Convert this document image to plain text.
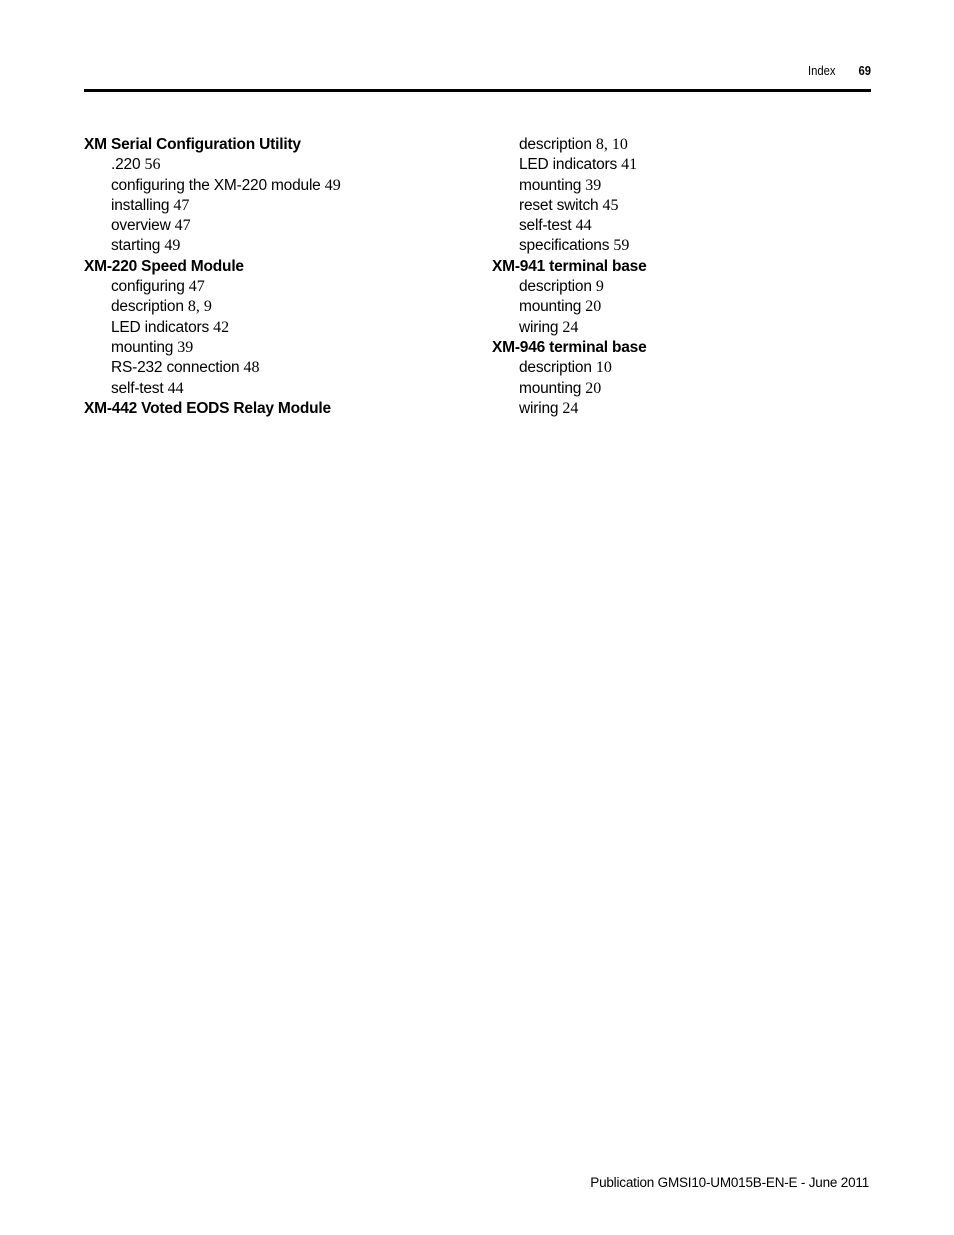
Index 69
XM Serial Configuration Utility
.220 56
configuring the XM-220 module 49
installing 47
overview 47
starting 49
XM-220 Speed Module
configuring 47
description 8, 9
LED indicators 42
mounting 39
RS-232 connection 48
self-test 44
XM-442 Voted EODS Relay Module
description 8, 10
LED indicators 41
mounting 39
reset switch 45
self-test 44
specifications 59
XM-941 terminal base
description 9
mounting 20
wiring 24
XM-946 terminal base
description 10
mounting 20
wiring 24
Publication GMSI10-UM015B-EN-E - June 2011
